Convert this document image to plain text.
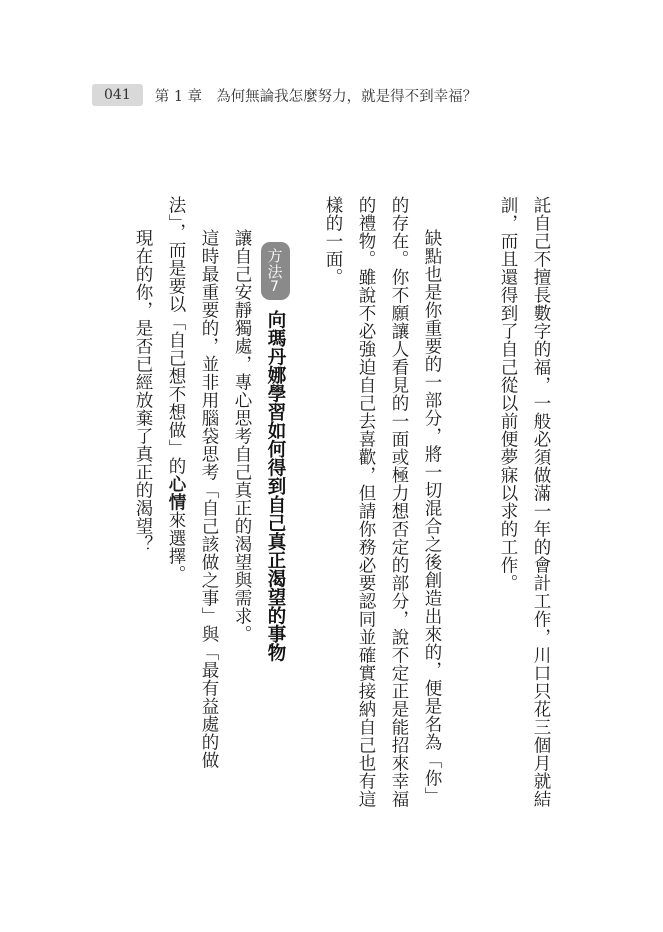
041	第 1 章 為何無論我怎麼努力，就是得不到幸福？
託自己不擅長數字的福，一般必須做滿一年的會計工作，川口只花三個月就結
訓，而且還得到了自己從以前便夢寐以求的工作。
缺點也是你重要的一部分，將一切混合之後創造出來的，便是名為「你」
的存在。你不願讓人看見的一面或極力想否定的部分，說不定正是能招來幸福
的禮物。雖說不必強迫自己去喜歡，但請你務必要認同並確實接納自己也有這
樣的一面。
方法7
向瑪丹娜學習如何得到自己真正渴望的事物
讓自己安靜獨處，專心思考自己真正的渴望與需求。
這時最重要的，並非用腦袋思考「自己該做之事」與「最有益處的做
法」，而是要以「自己想不想做」的心情來選擇。
現在的你，是否已經放棄了真正的渴望？
